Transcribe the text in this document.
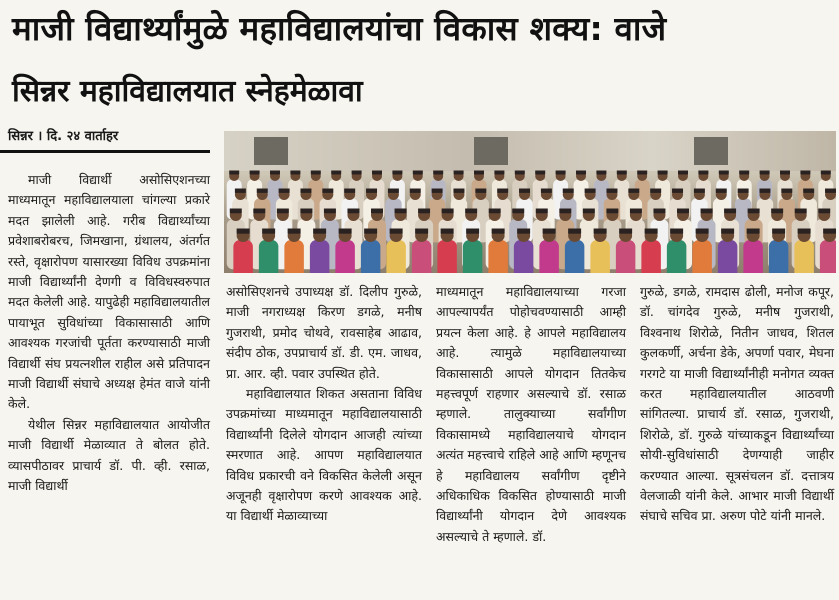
माजी विद्यार्थ्यांमुळे महाविद्यालयांचा विकास शक्य: वाजे
सिन्नर महाविद्यालयात स्नेहमेळावा
सिन्नर । दि. २४ वार्ताहर

माजी विद्यार्थी असोसिएशनच्या माध्यमातून महाविद्यालयाला चांगल्या प्रकारे मदत झालेली आहे. गरीब विद्यार्थ्यांच्या प्रवेशाबरोबरच, जिमखाना, ग्रंथालय, अंतर्गत रस्ते, वृक्षारोपण यासारख्या विविध उपक्रमांना माजी विद्यार्थ्यांनी देणगी व विविधस्वरुपात मदत केलेली आहे. यापुढेही महाविद्यालयातील पायाभूत सुविधांच्या विकासासाठी आणि आवश्यक गरजांची पूर्तता करण्यासाठी माजी विद्यार्थी संघ प्रयत्नशील राहील असे प्रतिपादन माजी विद्यार्थी संघाचे अध्यक्ष हेमंत वाजे यांनी केले.

येथील सिन्नर महाविद्यालयात आयोजीत माजी विद्यार्थी मेळाव्यात ते बोलत होते. व्यासपीठावर प्राचार्य डॉ. पी. व्ही. रसाळ, माजी विद्यार्थी

असोसिएशनचे उपाध्यक्ष डॉ. दिलीप गुरुळे, माजी नगराध्यक्ष किरण डगळे, मनीष गुजराथी, प्रमोद चोथवे, रावसाहेब आढाव, संदीप ठोक, उपप्राचार्य डॉ. डी. एम. जाधव, प्रा. आर. व्ही. पवार उपस्थित होते.

महाविद्यालयात शिकत असताना विविध उपक्रमांच्या माध्यमातून महाविद्यालयासाठी विद्यार्थ्यांनी दिलेले योगदान आजही त्यांच्या स्मरणात आहे. आपण महाविद्यालयात विविध प्रकारची वने विकसित केलेली असून अजूनही वृक्षारोपण करणे आवश्यक आहे. या विद्यार्थी मेळाव्याच्या

माध्यमातून महाविद्यालयाच्या गरजा आपल्यापर्यंत पोहोचवण्यासाठी आम्ही प्रयत्न केला आहे. हे आपले महाविद्यालय आहे. त्यामुळे महाविद्यालयाच्या विकासासाठी आपले योगदान तितकेच महत्त्वपूर्ण राहणार असल्याचे डॉ. रसाळ म्हणाले. तालुक्याच्या सर्वांगीण विकासामध्ये महाविद्यालयाचे योगदान अत्यंत महत्त्वाचे राहिले आहे आणि म्हणूनच हे महाविद्यालय सर्वांगीण दृष्टीने अधिकाधिक विकसित होण्यासाठी माजी विद्यार्थ्यांनी योगदान देणे आवश्यक असल्याचे ते म्हणाले. डॉ.

गुरुळे, डगळे, रामदास ढोली, मनोज कपूर, डॉ. चांगदेव गुरुळे, मनीष गुजराथी, विश्वनाथ शिरोळे, नितीन जाधव, शितल कुलकर्णी, अर्चना डेके, अपर्णा पवार, मेघना गरगटे या माजी विद्यार्थ्यांनीही मनोगत व्यक्त करत महाविद्यालयातील आठवणी सांगितल्या. प्राचार्य डॉ. रसाळ, गुजराथी, शिरोळे, डॉ. गुरुळे यांच्याकडून विद्यार्थ्यांच्या सोयी-सुविधांसाठी देणग्याही जाहीर करण्यात आल्या. सूत्रसंचलन डॉ. दत्तात्रय वेलजाळी यांनी केले. आभार माजी विद्यार्थी संघाचे सचिव प्रा. अरुण पोटे यांनी मानले.
